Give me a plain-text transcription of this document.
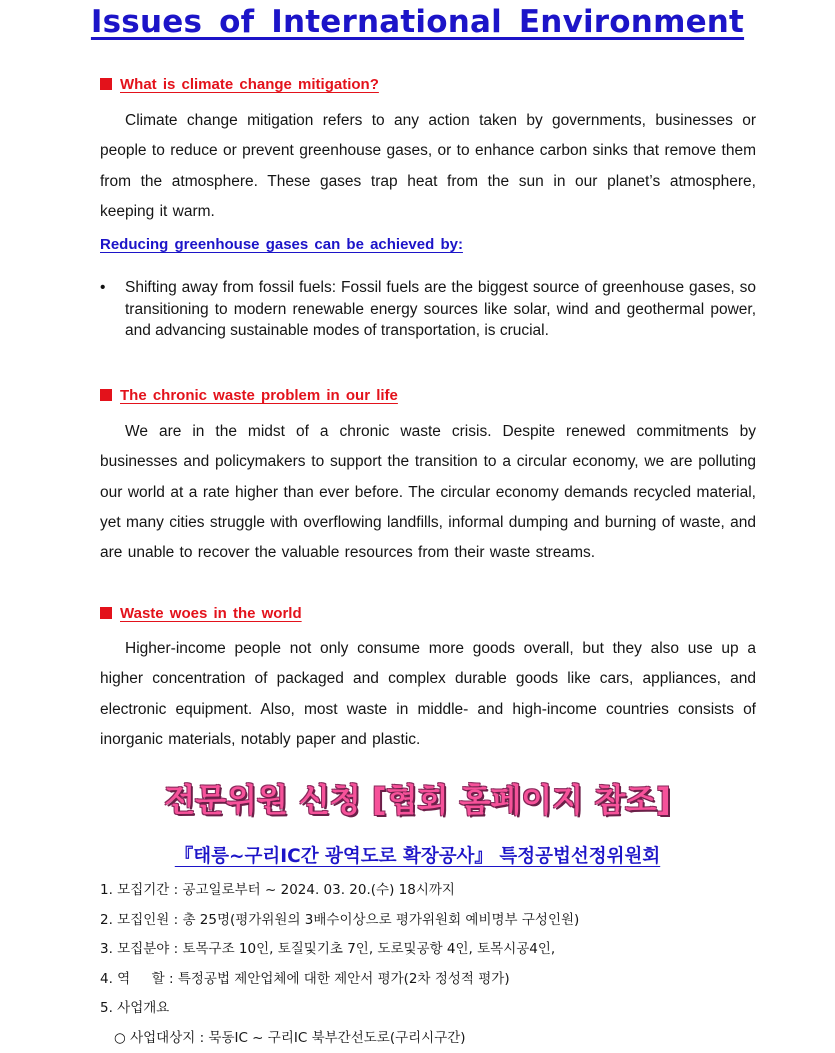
Issues of International Environment
What is climate change mitigation?
Climate change mitigation refers to any action taken by governments, businesses or people to reduce or prevent greenhouse gases, or to enhance carbon sinks that remove them from the atmosphere. These gases trap heat from the sun in our planet’s atmosphere, keeping it warm.
Reducing greenhouse gases can be achieved by:
• Shifting away from fossil fuels: Fossil fuels are the biggest source of greenhouse gases, so transitioning to modern renewable energy sources like solar, wind and geothermal power, and advancing sustainable modes of transportation, is crucial.
The chronic waste problem in our life
We are in the midst of a chronic waste crisis. Despite renewed commitments by businesses and policymakers to support the transition to a circular economy, we are polluting our world at a rate higher than ever before. The circular economy demands recycled material, yet many cities struggle with overflowing landfills, informal dumping and burning of waste, and are unable to recover the valuable resources from their waste streams.
Waste woes in the world
Higher-income people not only consume more goods overall, but they also use up a higher concentration of packaged and complex durable goods like cars, appliances, and electronic equipment. Also, most waste in middle- and high-income countries consists of inorganic materials, notably paper and plastic.
전문위원 신청 [협회 홈페이지 참조]
『태릉~구리IC간 광역도로 확장공사』 특정공법선정위원회
1. 모집기간 : 공고일로부터 ~ 2024. 03. 20.(수) 18시까지
2. 모집인원 : 총 25명(평가위원의 3배수이상으로 평가위원회 예비명부 구성인원)
3. 모집분야 : 토목구조 10인, 토질및기초 7인, 도로및공항 4인, 토목시공4인,
4. 역     할 : 특정공법 제안업체에 대한 제안서 평가(2차 정성적 평가)
5. 사업개요
○ 사업대상지 : 묵동IC ~ 구리IC 북부간선도로(구리시구간)
